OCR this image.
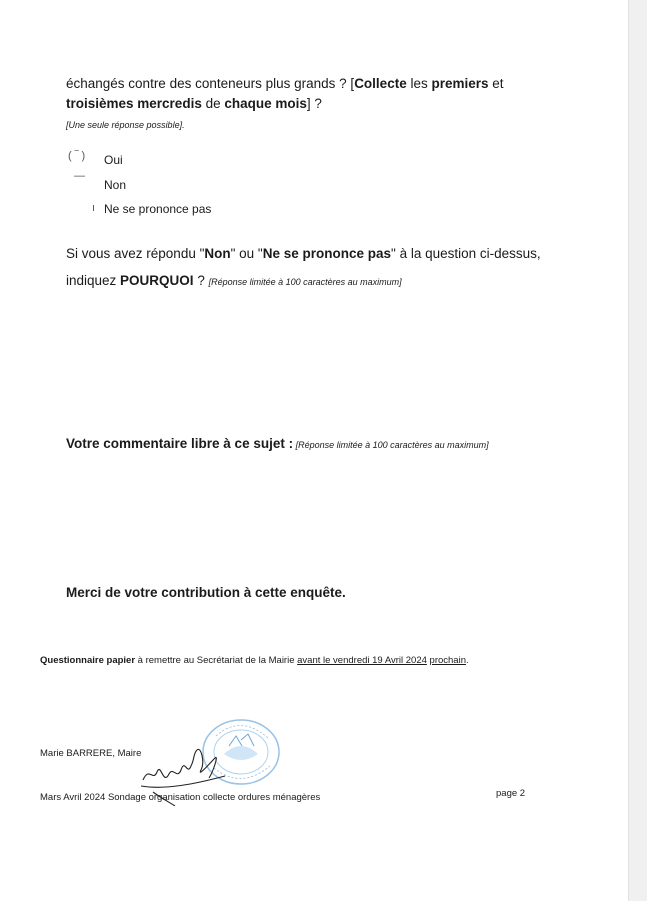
échangés contre des conteneurs plus grands ? [Collecte les premiers et
troisièmes mercredis de chaque mois] ?
[Une seule réponse possible].
( ‾ ) Oui
—
Non
ı Ne se prononce pas
Si vous avez répondu "Non" ou "Ne se prononce pas" à la question ci-dessus,
indiquez POURQUOI ? [Réponse limitée à 100 caractères au maximum]
Votre commentaire libre à ce sujet : [Réponse limitée à 100 caractères au maximum]
Merci de votre contribution à cette enquête.
Questionnaire papier à remettre au Secrétariat de la Mairie avant le vendredi 19 Avril 2024 prochain.
Marie BARRERE, Maire
Mars Avril 2024 Sondage organisation collecte ordures ménagères	page 2
